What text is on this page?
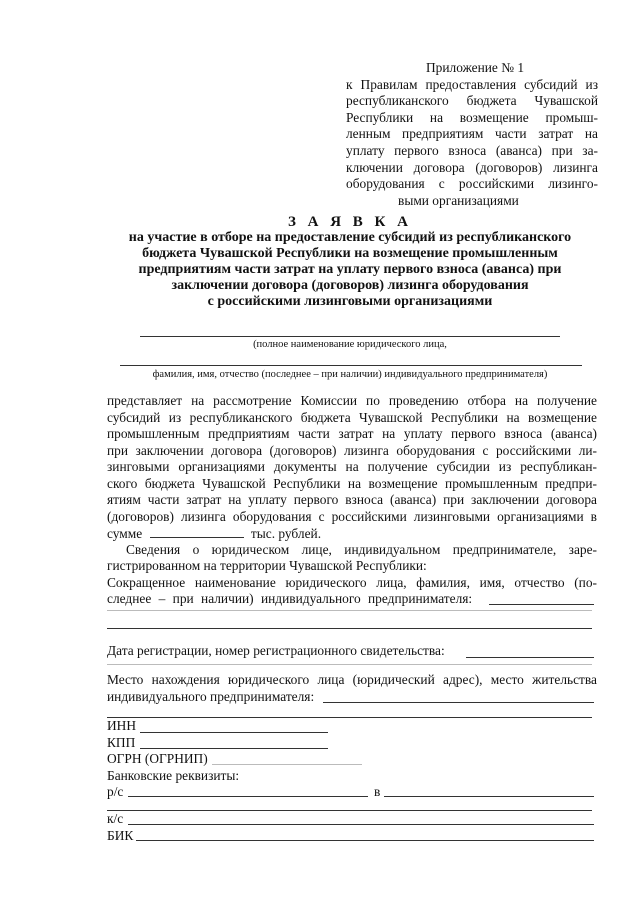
Приложение № 1
к Правилам предоставления субсидий из
республиканского бюджета Чувашской
Республики на возмещение промыш-
ленным предприятиям части затрат на
уплату первого взноса (аванса) при за-
ключении договора (договоров) лизинга
оборудования с российскими лизинго-
выми организациями
З А Я В К А
на участие в отборе на предоставление субсидий из республиканского
бюджета Чувашской Республики на возмещение промышленным
предприятиям части затрат на уплату первого взноса (аванса) при
заключении договора (договоров) лизинга оборудования
с российскими лизинговыми организациями
(полное наименование юридического лица,
фамилия, имя, отчество (последнее – при наличии) индивидуального предпринимателя)
представляет на рассмотрение Комиссии по проведению отбора на получение
субсидий из республиканского бюджета Чувашской Республики на возмещение
промышленным предприятиям части затрат на уплату первого взноса (аванса)
при заключении договора (договоров) лизинга оборудования с российскими ли-
зинговыми организациями документы на получение субсидии из республикан-
ского бюджета Чувашской Республики на возмещение промышленным предпри-
ятиям части затрат на уплату первого взноса (аванса) при заключении договора
(договоров) лизинга оборудования с российскими лизинговыми организациями в
сумме	тыс. рублей.
Сведения о юридическом лице, индивидуальном предпринимателе, заре-
гистрированном на территории Чувашской Республики:
Сокращенное наименование юридического лица, фамилия, имя, отчество (по-
следнее – при наличии) индивидуального предпринимателя:
Дата регистрации, номер регистрационного свидетельства:
Место нахождения юридического лица (юридический адрес), место жительства
индивидуального предпринимателя:
ИНН
КПП
ОГРН (ОГРНИП)
Банковские реквизиты:
р/с	в
к/с
БИК
